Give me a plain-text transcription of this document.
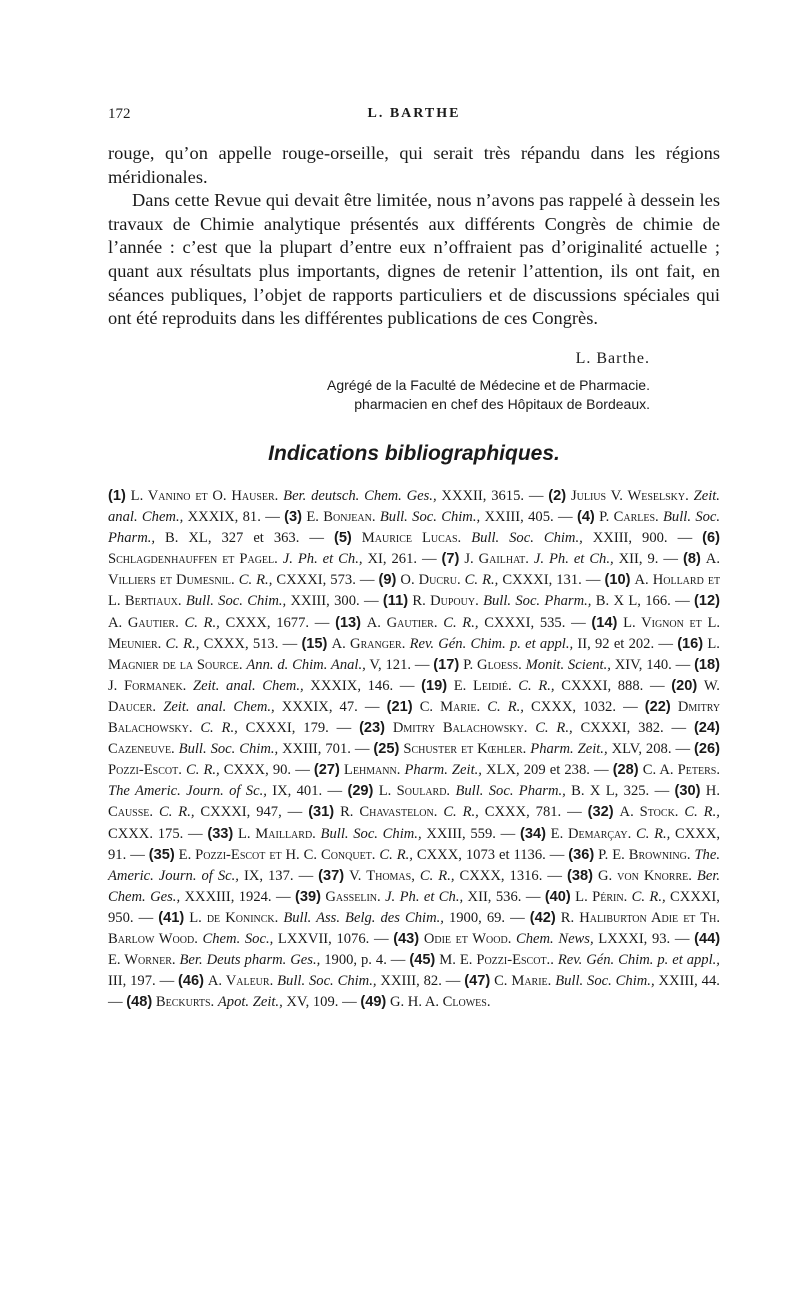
172	L. BARTHE

rouge, qu’on appelle rouge-orseille, qui serait très répandu dans les régions méridionales.

Dans cette Revue qui devait être limitée, nous n’avons pas rappelé à dessein les travaux de Chimie analytique présentés aux différents Congrès de chimie de l’année : c’est que la plupart d’entre eux n’offraient pas d’originalité actuelle ; quant aux résultats plus importants, dignes de retenir l’attention, ils ont fait, en séances publiques, l’objet de rapports particuliers et de discussions spéciales qui ont été reproduits dans les différentes publications de ces Congrès.

L. Barthe.
Agrégé de la Faculté de Médecine et de Pharmacie.
pharmacien en chef des Hôpitaux de Bordeaux.
Indications bibliographiques.
(1) L. Vanino et O. Hauser. Ber. deutsch. Chem. Ges., XXXII, 3615. — (2) Julius V. Weselsky. Zeit. anal. Chem., XXXIX, 81. — (3) E. Bonjean. Bull. Soc. Chim., XXIII, 405. — (4) P. Carles. Bull. Soc. Pharm., B. XL, 327 et 363. — (5) Maurice Lucas. Bull. Soc. Chim., XXIII, 900. — (6) Schlagdenhauffen et Pagel. J. Ph. et Ch., XI, 261. — (7) J. Gailhat. J. Ph. et Ch., XII, 9. — (8) A. Villiers et Dumesnil. C. R., CXXXI, 573. — (9) O. Ducru. C. R., CXXXI, 131. — (10) A. Hollard et L. Bertiaux. Bull. Soc. Chim., XXIII, 300. — (11) R. Dupouy. Bull. Soc. Pharm., B. X L, 166. — (12) A. Gautier. C. R., CXXX, 1677. — (13) A. Gautier. C. R., CXXXI, 535. — (14) L. Vignon et L. Meunier. C. R., CXXX, 513. — (15) A. Granger. Rev. Gén. Chim. p. et appl., II, 92 et 202. — (16) L. Magnier de la Source. Ann. d. Chim. Anal., V, 121. — (17) P. Gloess. Monit. Scient., XIV, 140. — (18) J. Formanek. Zeit. anal. Chem., XXXIX, 146. — (19) E. Leidié. C. R., CXXXI, 888. — (20) W. Daucer. Zeit. anal. Chem., XXXIX, 47. — (21) C. Marie. C. R., CXXX, 1032. — (22) Dmitry Balachowsky. C. R., CXXXI, 179. — (23) Dmitry Balachowsky. C. R., CXXXI, 382. — (24) Cazeneuve. Bull. Soc. Chim., XXIII, 701. — (25) Schuster et Kœhler. Pharm. Zeit., XLV, 208. — (26) Pozzi-Escot. C. R., CXXX, 90. — (27) Lehmann. Pharm. Zeit., XLX, 209 et 238. — (28) C. A. Peters. The Americ. Journ. of Sc., IX, 401. — (29) L. Soulard. Bull. Soc. Pharm., B. X L, 325. — (30) H. Causse. C. R., CXXXI, 947, — (31) R. Chavastelon. C. R., CXXX, 781. — (32) A. Stock. C. R., CXXX. 175. — (33) L. Maillard. Bull. Soc. Chim., XXIII, 559. — (34) E. Demarçay. C. R., CXXX, 91. — (35) E. Pozzi-Escot et H. C. Conquet. C. R., CXXX, 1073 et 1136. — (36) P. E. Browning. The. Americ. Journ. of Sc., IX, 137. — (37) V. Thomas, C. R., CXXX, 1316. — (38) G. von Knorre. Ber. Chem. Ges., XXXIII, 1924. — (39) Gasselin. J. Ph. et Ch., XII, 536. — (40) L. Périn. C. R., CXXXI, 950. — (41) L. de Koninck. Bull. Ass. Belg. des Chim., 1900, 69. — (42) R. Haliburton Adie et Th. Barlow Wood. Chem. Soc., LXXVII, 1076. — (43) Odie et Wood. Chem. News, LXXXI, 93. — (44) E. Worner. Ber. Deuts pharm. Ges., 1900, p. 4. — (45) M. E. Pozzi-Escot.. Rev. Gén. Chim. p. et appl., III, 197. — (46) A. Valeur. Bull. Soc. Chim., XXIII, 82. — (47) C. Marie. Bull. Soc. Chim., XXIII, 44. — (48) Beckurts. Apot. Zeit., XV, 109. — (49) G. H. A. Clowes.
